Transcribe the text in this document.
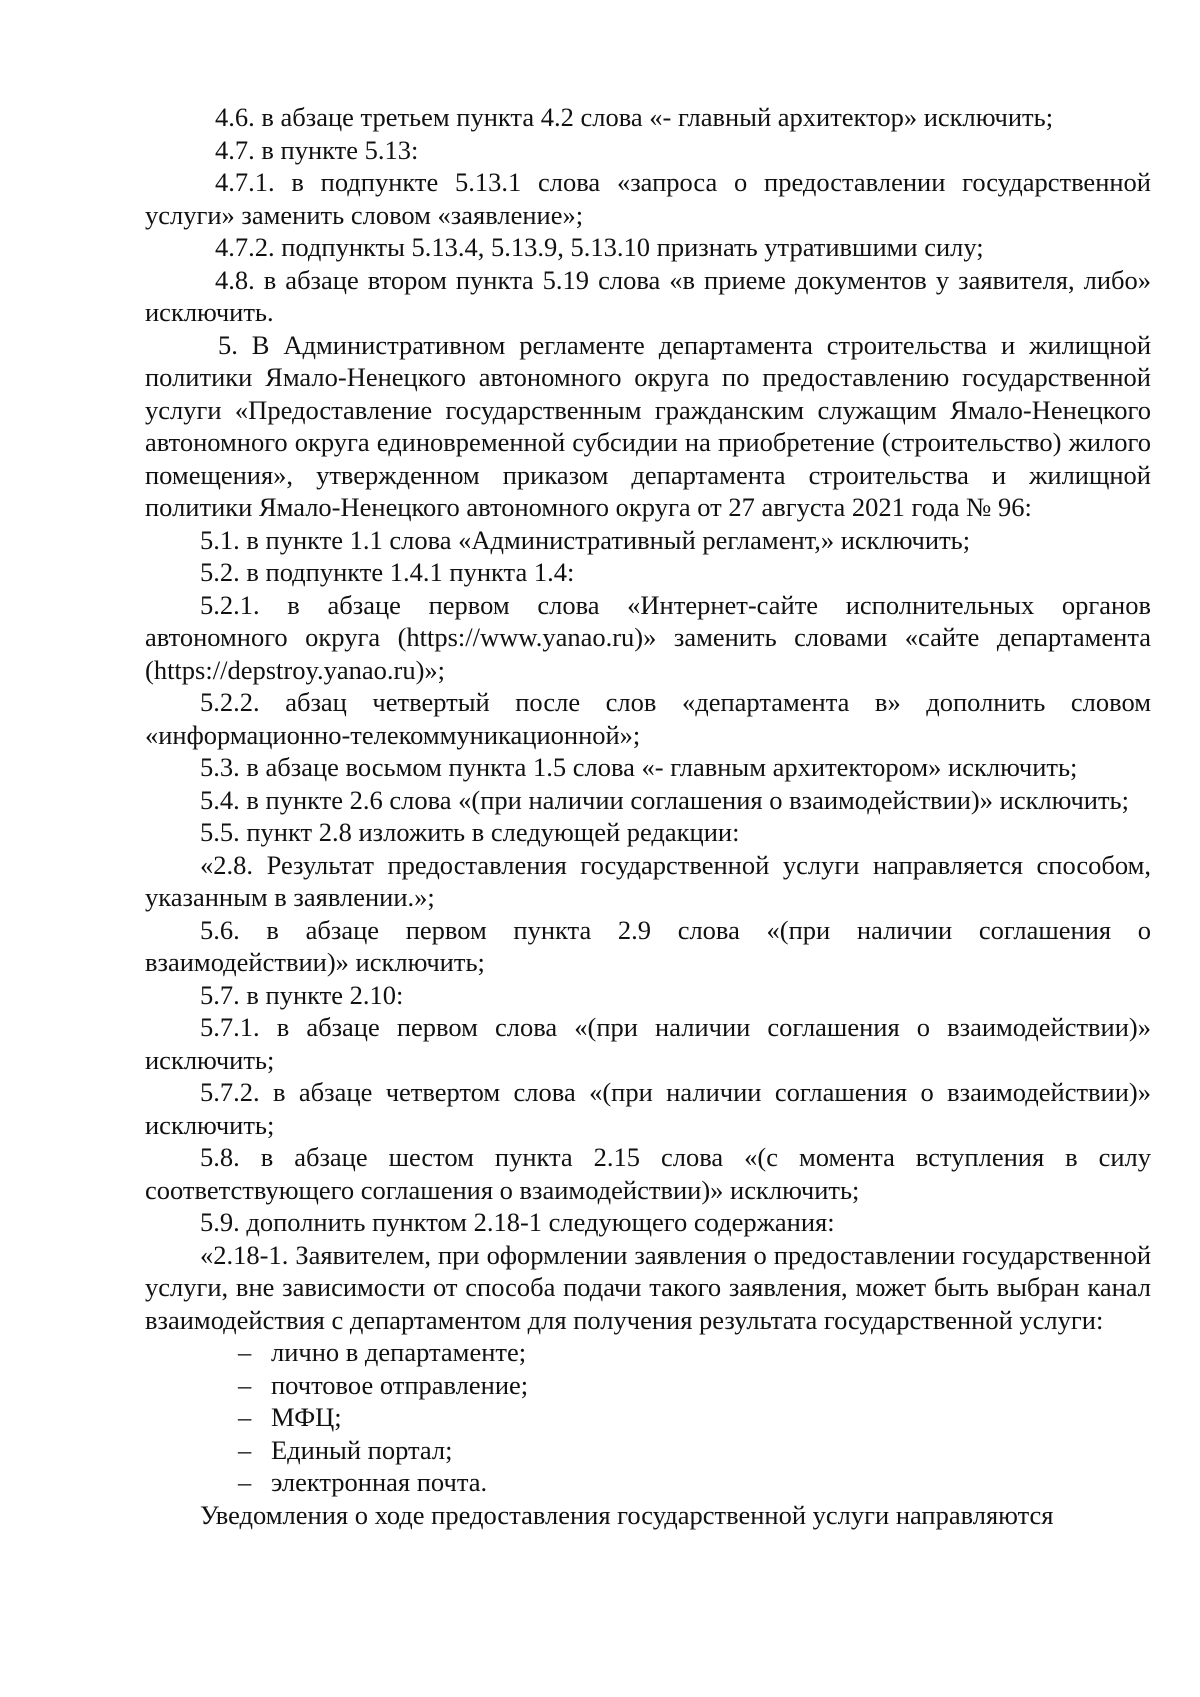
4.6. в абзаце третьем пункта 4.2 слова «- главный архитектор» исключить;

4.7. в пункте 5.13:

4.7.1. в подпункте 5.13.1 слова «запроса о предоставлении государственной услуги» заменить словом «заявление»;

4.7.2. подпункты 5.13.4, 5.13.9, 5.13.10 признать утратившими силу;

4.8. в абзаце втором пункта 5.19 слова «в приеме документов у заявителя, либо» исключить.

5. В Административном регламенте департамента строительства и жилищной политики Ямало-Ненецкого автономного округа по предоставлению государственной услуги «Предоставление государственным гражданским служащим Ямало-Ненецкого автономного округа единовременной субсидии на приобретение (строительство) жилого помещения», утвержденном приказом департамента строительства и жилищной политики Ямало-Ненецкого автономного округа от 27 августа 2021 года № 96:

5.1. в пункте 1.1 слова «Административный регламент,» исключить;

5.2. в подпункте 1.4.1 пункта 1.4:

5.2.1. в абзаце первом слова «Интернет-сайте исполнительных органов автономного округа (https://www.yanao.ru)» заменить словами «сайте департамента (https://depstroy.yanao.ru)»;

5.2.2. абзац четвертый после слов «департамента в» дополнить словом «информационно-телекоммуникационной»;

5.3. в абзаце восьмом пункта 1.5 слова «- главным архитектором» исключить;

5.4. в пункте 2.6 слова «(при наличии соглашения о взаимодействии)» исключить;

5.5. пункт 2.8 изложить в следующей редакции:

«2.8. Результат предоставления государственной услуги направляется способом, указанным в заявлении.»;

5.6. в абзаце первом пункта 2.9 слова «(при наличии соглашения о взаимодействии)» исключить;

5.7. в пункте 2.10:

5.7.1. в абзаце первом слова «(при наличии соглашения о взаимодействии)» исключить;

5.7.2. в абзаце четвертом слова «(при наличии соглашения о взаимодействии)» исключить;

5.8. в абзаце шестом пункта 2.15 слова «(с момента вступления в силу соответствующего соглашения о взаимодействии)» исключить;

5.9. дополнить пунктом 2.18-1 следующего содержания:

«2.18-1. Заявителем, при оформлении заявления о предоставлении государственной услуги, вне зависимости от способа подачи такого заявления, может быть выбран канал взаимодействия с департаментом для получения результата государственной услуги:

– лично в департаменте;

– почтовое отправление;

– МФЦ;

– Единый портал;

– электронная почта.

Уведомления о ходе предоставления государственной услуги направляются
